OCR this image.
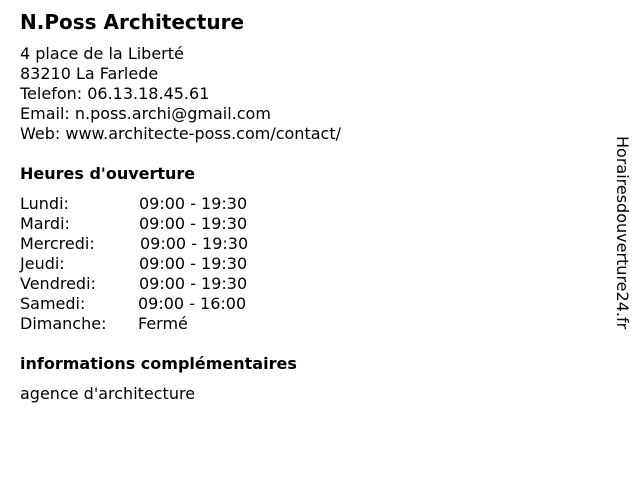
N.Poss Architecture
4 place de la Liberté
83210 La Farlede
Telefon: 06.13.18.45.61
Email: n.poss.archi@gmail.com
Web: www.architecte-poss.com/contact/
Heures d'ouverture
Lundi:	09:00 - 19:30
Mardi:	09:00 - 19:30
Mercredi:	09:00 - 19:30
Jeudi:	09:00 - 19:30
Vendredi:	09:00 - 19:30
Samedi:	09:00 - 16:00
Dimanche: Fermé
informations complémentaires
agence d'architecture
Horairesdouverture24.fr
